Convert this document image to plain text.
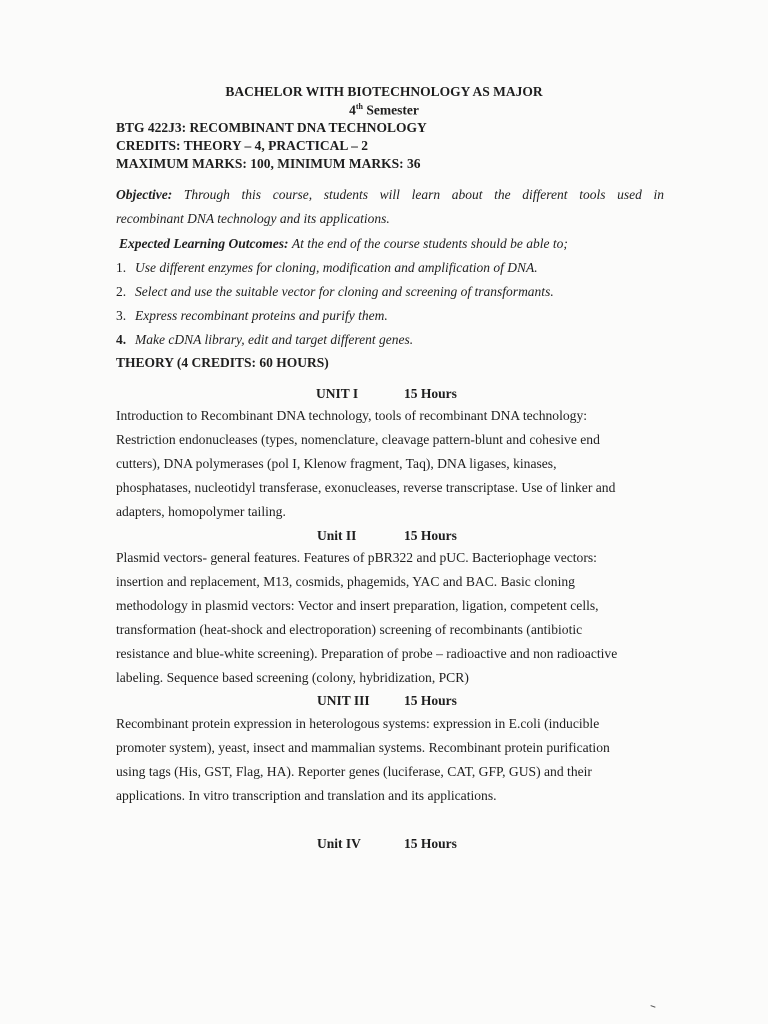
BACHELOR WITH BIOTECHNOLOGY AS MAJOR
4th Semester
BTG 422J3: RECOMBINANT DNA TECHNOLOGY
CREDITS: THEORY – 4, PRACTICAL – 2
MAXIMUM MARKS: 100, MINIMUM MARKS: 36
Objective: Through this course, students will learn about the different tools used in
recombinant DNA technology and its applications.
Expected Learning Outcomes: At the end of the course students should be able to;
1. Use different enzymes for cloning, modification and amplification of DNA.
2. Select and use the suitable vector for cloning and screening of transformants.
3. Express recombinant proteins and purify them.
4. Make cDNA library, edit and target different genes.
THEORY (4 CREDITS: 60 HOURS)
UNIT I	15 Hours
Introduction to Recombinant DNA technology, tools of recombinant DNA technology:
Restriction endonucleases (types, nomenclature, cleavage pattern-blunt and cohesive end
cutters), DNA polymerases (pol I, Klenow fragment, Taq), DNA ligases, kinases,
phosphatases, nucleotidyl transferase, exonucleases, reverse transcriptase. Use of linker and
adapters, homopolymer tailing.
Unit II	15 Hours
Plasmid vectors- general features. Features of pBR322 and pUC. Bacteriophage vectors:
insertion and replacement, M13, cosmids, phagemids, YAC and BAC. Basic cloning
methodology in plasmid vectors: Vector and insert preparation, ligation, competent cells,
transformation (heat-shock and electroporation) screening of recombinants (antibiotic
resistance and blue-white screening). Preparation of probe – radioactive and non radioactive
labeling. Sequence based screening (colony, hybridization, PCR)
UNIT III	15 Hours
Recombinant protein expression in heterologous systems: expression in E.coli (inducible
promoter system), yeast, insect and mammalian systems. Recombinant protein purification
using tags (His, GST, Flag, HA). Reporter genes (luciferase, CAT, GFP, GUS) and their
applications. In vitro transcription and translation and its applications.
Unit IV	15 Hours
